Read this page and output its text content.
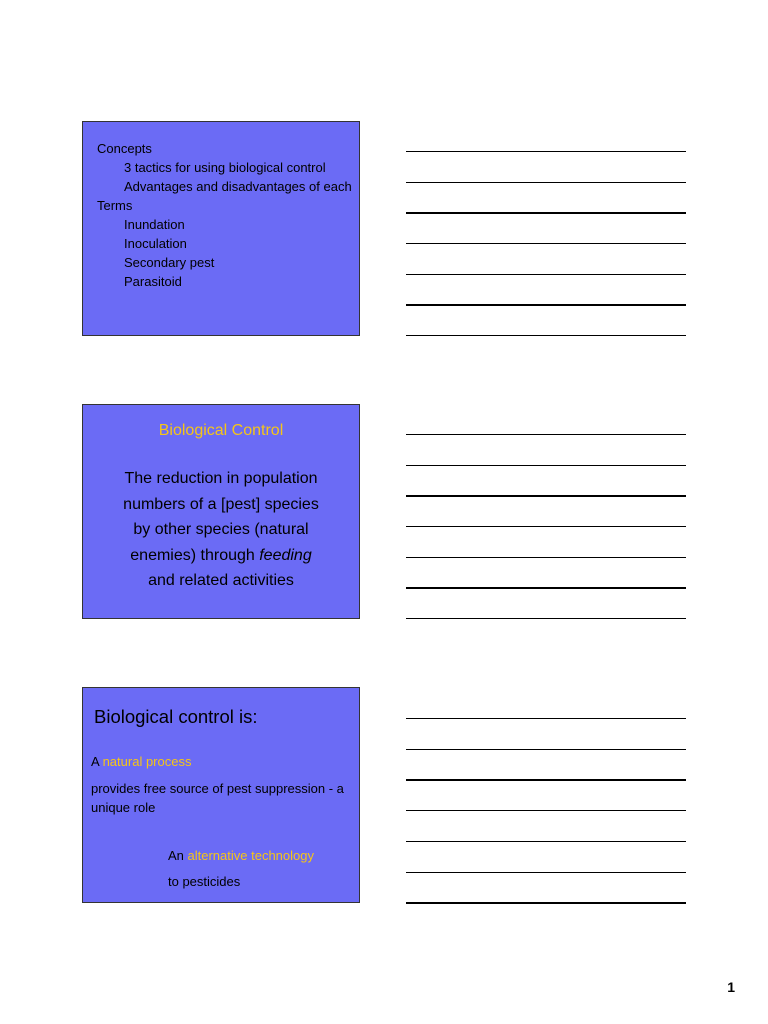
Concepts
3 tactics for using biological control
Advantages and disadvantages of each
Terms
Inundation
Inoculation
Secondary pest
Parasitoid
Biological Control
The reduction in population
numbers of a [pest] species
by other species (natural
enemies) through feeding
and related activities
Biological control is:
A natural process
provides free source of pest suppression - a
unique role
An alternative technology
to pesticides
1
